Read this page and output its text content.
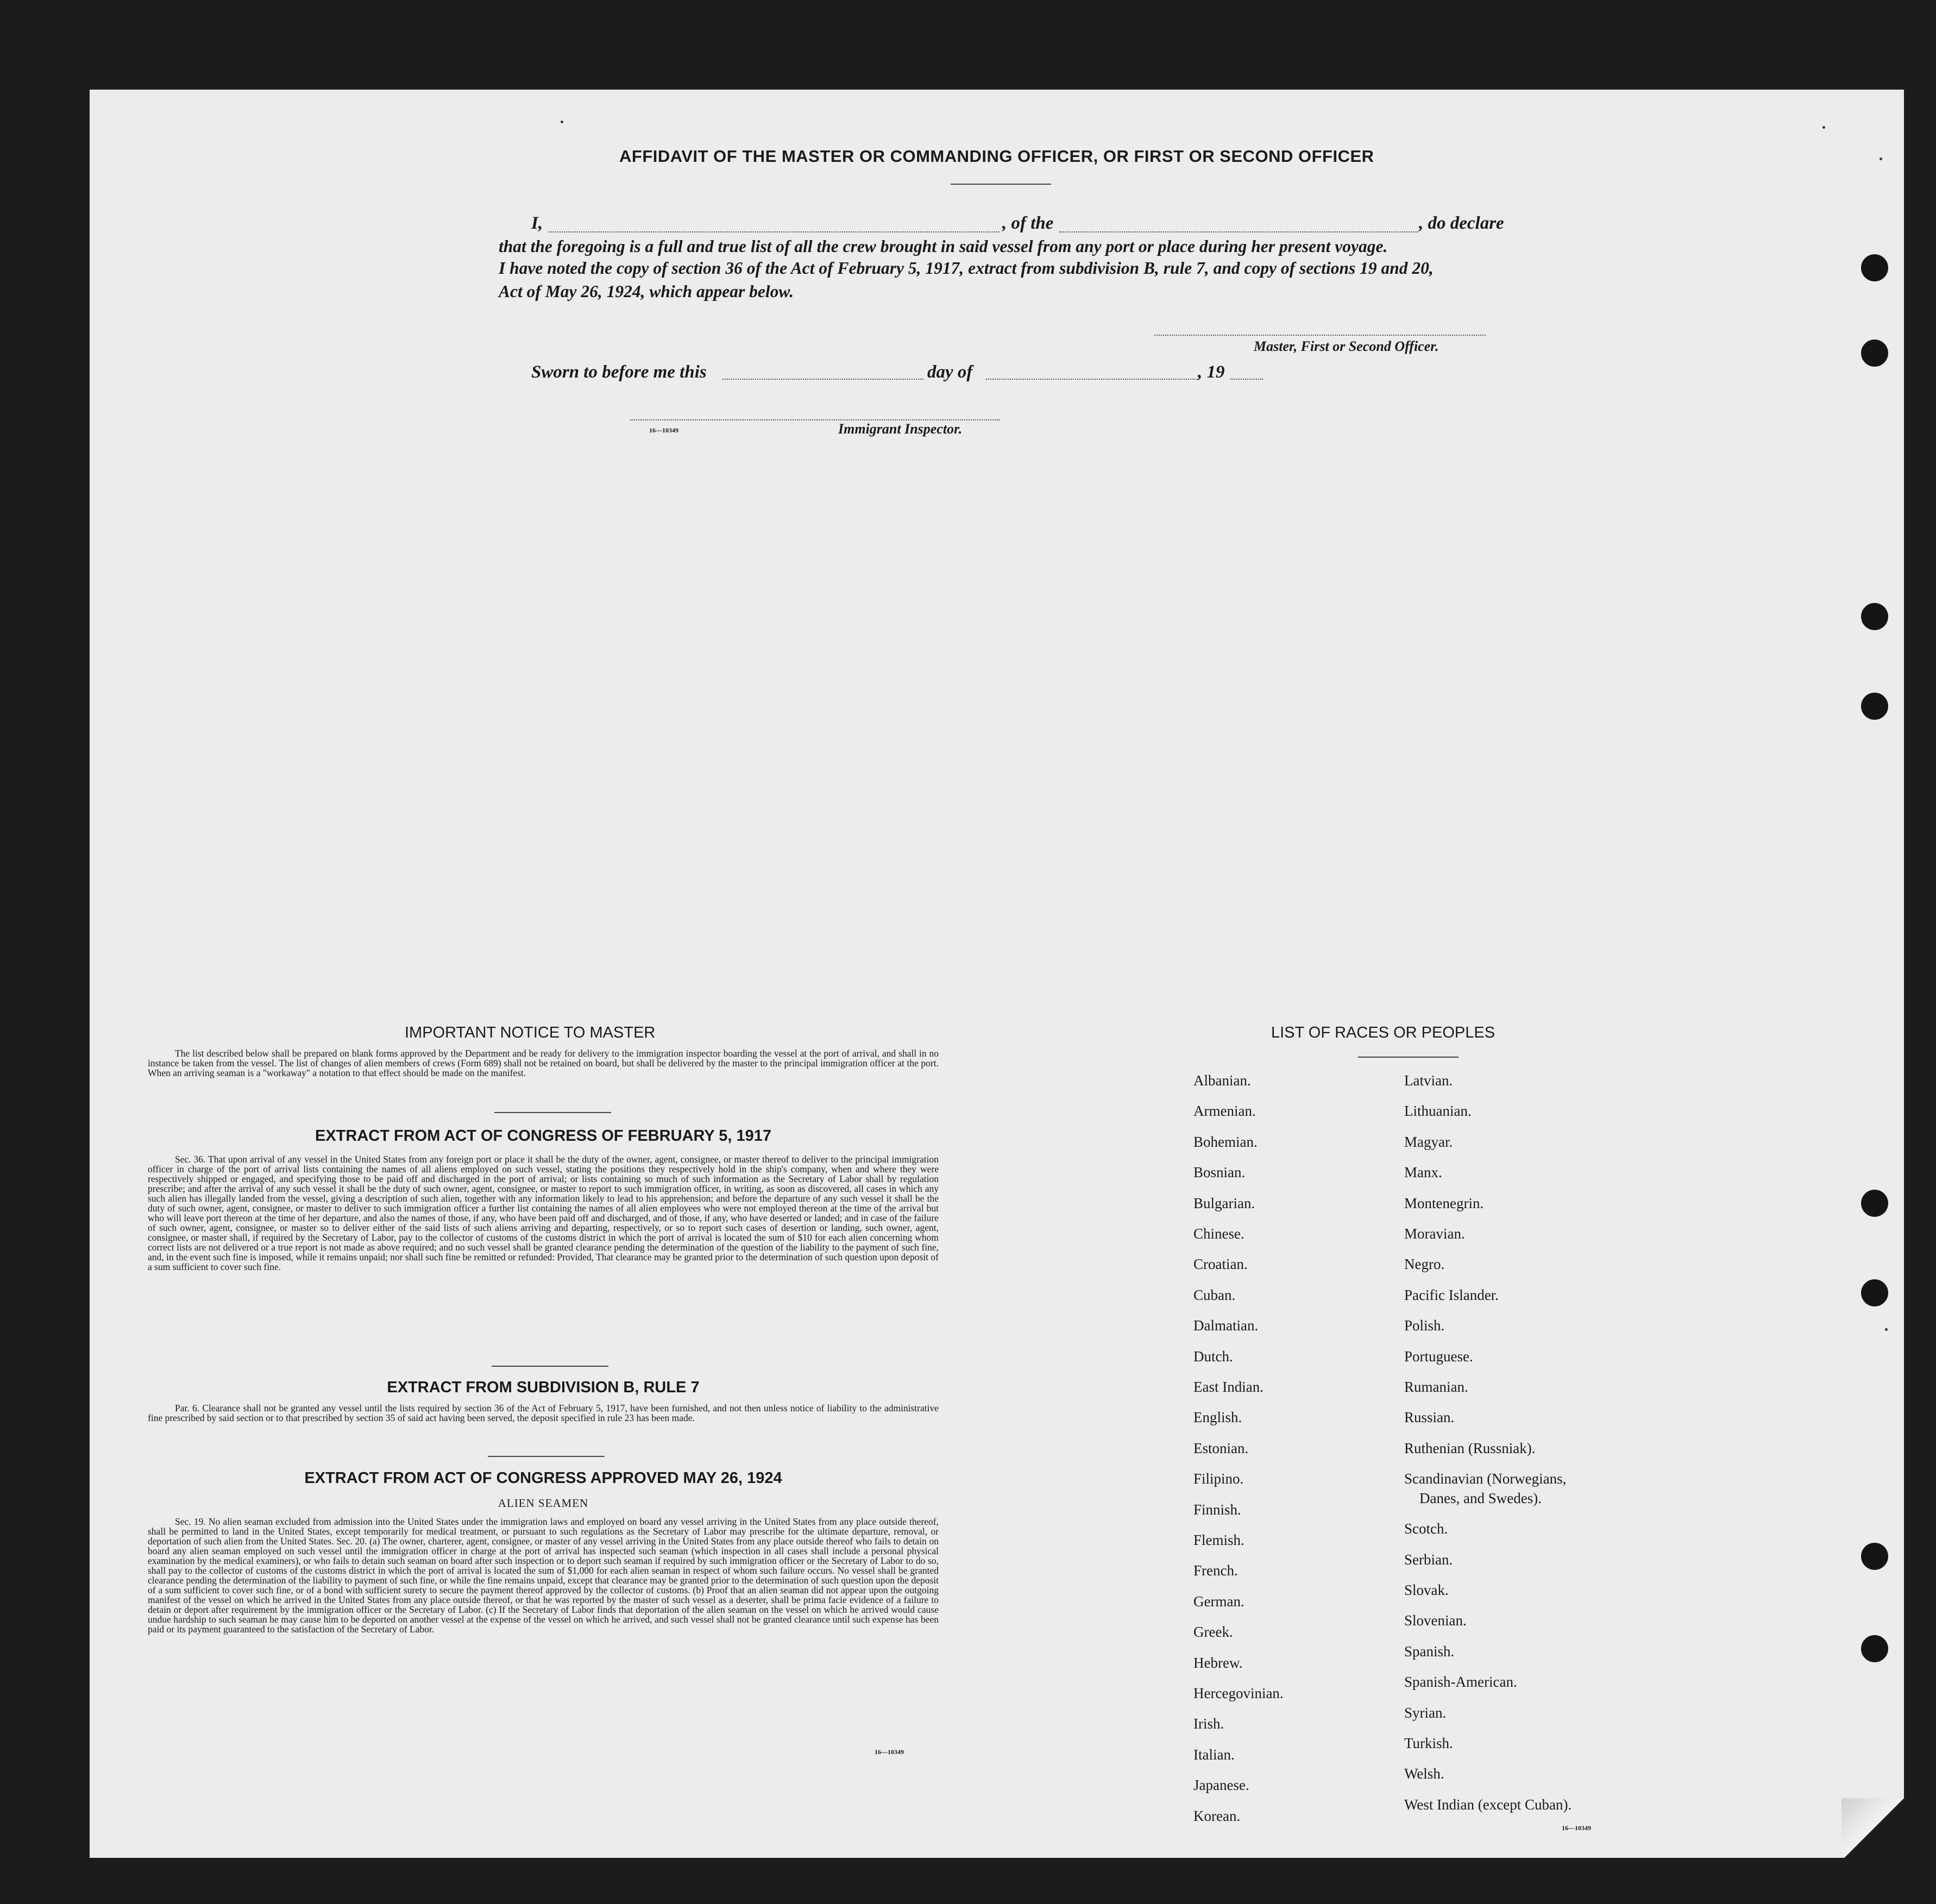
AFFIDAVIT OF THE MASTER OR COMMANDING OFFICER, OR FIRST OR SECOND OFFICER
I,	, of the	, do declare
that the foregoing is a full and true list of all the crew brought in said vessel from any port or place during her present voyage.
I have noted the copy of section 36 of the Act of February 5, 1917, extract from subdivision B, rule 7, and copy of sections 19 and 20,
Act of May 26, 1924, which appear below.
Master, First or Second Officer.
Sworn to before me this	day of	, 19
16—10349	Immigrant Inspector.
IMPORTANT NOTICE TO MASTER
The list described below shall be prepared on blank forms approved by the Department and be ready for delivery to the immigration inspector boarding the vessel at the port of arrival, and shall in no instance be taken from the vessel. The list of changes of alien members of crews (Form 689) shall not be retained on board, but shall be delivered by the master to the principal immigration officer at the port. When an arriving seaman is a "workaway" a notation to that effect should be made on the manifest.
EXTRACT FROM ACT OF CONGRESS OF FEBRUARY 5, 1917
Sec. 36. That upon arrival of any vessel in the United States from any foreign port or place it shall be the duty of the owner, agent, consignee, or master thereof to deliver to the principal immigration officer in charge of the port of arrival lists containing the names of all aliens employed on such vessel, stating the positions they respectively hold in the ship's company, when and where they were respectively shipped or engaged, and specifying those to be paid off and discharged in the port of arrival; or lists containing so much of such information as the Secretary of Labor shall by regulation prescribe; and after the arrival of any such vessel it shall be the duty of such owner, agent, consignee, or master to report to such immigration officer, in writing, as soon as discovered, all cases in which any such alien has illegally landed from the vessel, giving a description of such alien, together with any information likely to lead to his apprehension; and before the departure of any such vessel it shall be the duty of such owner, agent, consignee, or master to deliver to such immigration officer a further list containing the names of all alien employees who were not employed thereon at the time of the arrival but who will leave port thereon at the time of her departure, and also the names of those, if any, who have been paid off and discharged, and of those, if any, who have deserted or landed; and in case of the failure of such owner, agent, consignee, or master so to deliver either of the said lists of such aliens arriving and departing, respectively, or so to report such cases of desertion or landing, such owner, agent, consignee, or master shall, if required by the Secretary of Labor, pay to the collector of customs of the customs district in which the port of arrival is located the sum of $10 for each alien concerning whom correct lists are not delivered or a true report is not made as above required; and no such vessel shall be granted clearance pending the determination of the question of the liability to the payment of such fine, and, in the event such fine is imposed, while it remains unpaid; nor shall such fine be remitted or refunded: Provided, That clearance may be granted prior to the determination of such question upon deposit of a sum sufficient to cover such fine.
EXTRACT FROM SUBDIVISION B, RULE 7
Par. 6. Clearance shall not be granted any vessel until the lists required by section 36 of the Act of February 5, 1917, have been furnished, and not then unless notice of liability to the administrative fine prescribed by said section or to that prescribed by section 35 of said act having been served, the deposit specified in rule 23 has been made.
EXTRACT FROM ACT OF CONGRESS APPROVED MAY 26, 1924
ALIEN SEAMEN
Sec. 19. No alien seaman excluded from admission into the United States under the immigration laws and employed on board any vessel arriving in the United States from any place outside thereof, shall be permitted to land in the United States, except temporarily for medical treatment, or pursuant to such regulations as the Secretary of Labor may prescribe for the ultimate departure, removal, or deportation of such alien from the United States. Sec. 20. (a) The owner, charterer, agent, consignee, or master of any vessel arriving in the United States from any place outside thereof who fails to detain on board any alien seaman employed on such vessel until the immigration officer in charge at the port of arrival has inspected such seaman (which inspection in all cases shall include a personal physical examination by the medical examiners), or who fails to detain such seaman on board after such inspection or to deport such seaman if required by such immigration officer or the Secretary of Labor to do so, shall pay to the collector of customs of the customs district in which the port of arrival is located the sum of $1,000 for each alien seaman in respect of whom such failure occurs. No vessel shall be granted clearance pending the determination of the liability to payment of such fine, or while the fine remains unpaid, except that clearance may be granted prior to the determination of such question upon the deposit of a sum sufficient to cover such fine, or of a bond with sufficient surety to secure the payment thereof approved by the collector of customs. (b) Proof that an alien seaman did not appear upon the outgoing manifest of the vessel on which he arrived in the United States from any place outside thereof, or that he was reported by the master of such vessel as a deserter, shall be prima facie evidence of a failure to detain or deport after requirement by the immigration officer or the Secretary of Labor. (c) If the Secretary of Labor finds that deportation of the alien seaman on the vessel on which he arrived would cause undue hardship to such seaman he may cause him to be deported on another vessel at the expense of the vessel on which he arrived, and such vessel shall not be granted clearance until such expense has been paid or its payment guaranteed to the satisfaction of the Secretary of Labor.
16—10349
LIST OF RACES OR PEOPLES
Albanian.
Armenian.
Bohemian.
Bosnian.
Bulgarian.
Chinese.
Croatian.
Cuban.
Dalmatian.
Dutch.
East Indian.
English.
Estonian.
Filipino.
Finnish.
Flemish.
French.
German.
Greek.
Hebrew.
Hercegovinian.
Irish.
Italian.
Japanese.
Korean.
Latvian.
Lithuanian.
Magyar.
Manx.
Montenegrin.
Moravian.
Negro.
Pacific Islander.
Polish.
Portuguese.
Rumanian.
Russian.
Ruthenian (Russniak).
Scandinavian (Norwegians,
Danes, and Swedes).
Scotch.
Serbian.
Slovak.
Slovenian.
Spanish.
Spanish-American.
Syrian.
Turkish.
Welsh.
West Indian (except Cuban).
16—10349
